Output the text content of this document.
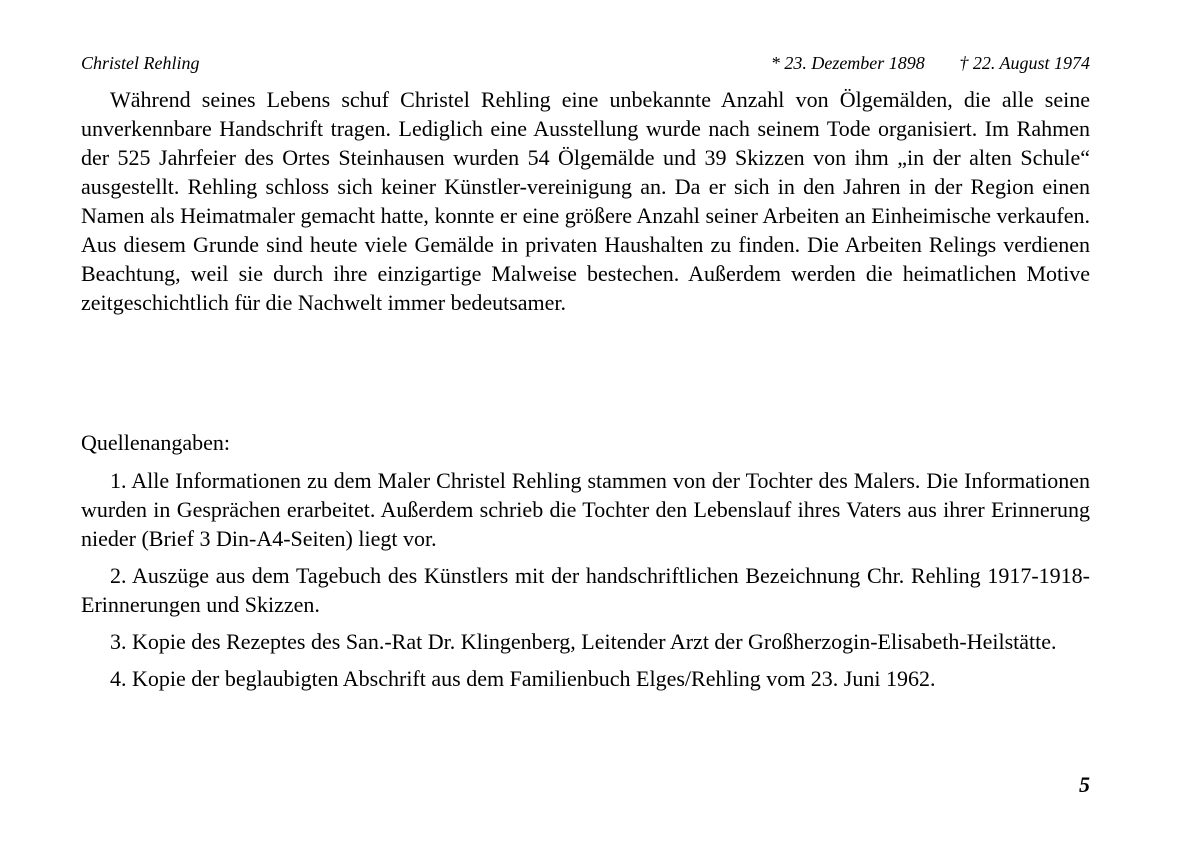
Christel Rehling	* 23. Dezember 1898 † 22. August 1974

Während seines Lebens schuf Christel Rehling eine unbekannte Anzahl von Ölgemälden, die alle seine unverkennbare Handschrift tragen. Lediglich eine Ausstellung wurde nach seinem Tode organisiert. Im Rahmen der 525 Jahrfeier des Ortes Steinhausen wurden 54 Ölgemälde und 39 Skizzen von ihm „in der alten Schule“ ausgestellt. Rehling schloss sich keiner Künstler-vereinigung an. Da er sich in den Jahren in der Region einen Namen als Heimatmaler gemacht hatte, konnte er eine größere Anzahl seiner Arbeiten an Einheimische verkaufen. Aus diesem Grunde sind heute viele Gemälde in privaten Haushalten zu finden. Die Arbeiten Relings verdienen Beachtung, weil sie durch ihre einzigartige Malweise bestechen. Außerdem werden die heimatlichen Motive zeitgeschichtlich für die Nachwelt immer bedeutsamer.

Quellenangaben:

1. Alle Informationen zu dem Maler Christel Rehling stammen von der Tochter des Malers. Die Informationen wurden in Gesprächen erarbeitet. Außerdem schrieb die Tochter den Lebenslauf ihres Vaters aus ihrer Erinnerung nieder (Brief 3 Din-A4-Seiten) liegt vor.

2. Auszüge aus dem Tagebuch des Künstlers mit der handschriftlichen Bezeichnung Chr. Rehling 1917-1918-Erinnerungen und Skizzen.

3. Kopie des Rezeptes des San.-Rat Dr. Klingenberg, Leitender Arzt der Großherzogin-Elisabeth-Heilstätte.

4. Kopie der beglaubigten Abschrift aus dem Familienbuch Elges/Rehling vom 23. Juni 1962.

5
